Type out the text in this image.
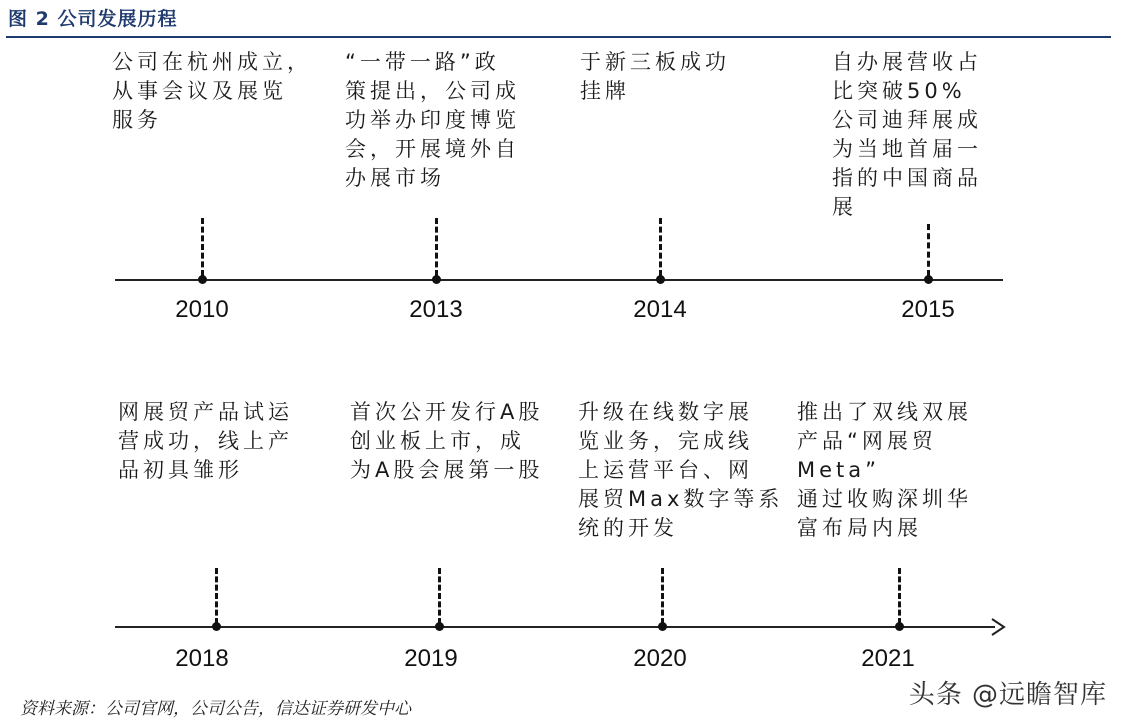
图 2 公司发展历程
公司在杭州成立，
从事会议及展览
服务
2010
“一带一路”政
策提出，公司成
功举办印度博览
会，开展境外自
办展市场
2013
于新三板成功
挂牌
2014
自办展营收占
比突破50%
公司迪拜展成
为当地首届一
指的中国商品
展
2015
网展贸产品试运
营成功，线上产
品初具雏形
2018
首次公开发行A股
创业板上市，成
为A股会展第一股
2019
升级在线数字展
览业务，完成线
上运营平台、网
展贸Max数字等系
统的开发
2020
推出了双线双展
产品“网展贸
Meta”
通过收购深圳华
富布局内展
2021
资料来源：公司官网，公司公告，信达证券研发中心	头条 @远瞻智库
